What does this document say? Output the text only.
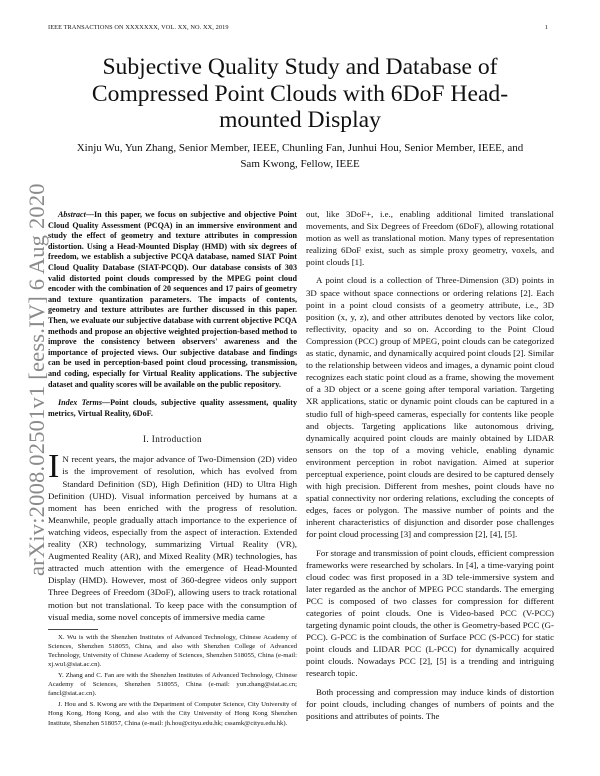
IEEE TRANSACTIONS ON XXXXXXX, VOL. XX, NO. XX, 2019	1
arXiv:2008.02501v1 [eess.IV] 6 Aug 2020
Subjective Quality Study and Database of Compressed Point Clouds with 6DoF Head-mounted Display
Xinju Wu, Yun Zhang, Senior Member, IEEE, Chunling Fan, Junhui Hou, Senior Member, IEEE, and Sam Kwong, Fellow, IEEE

Abstract—In this paper, we focus on subjective and objective Point Cloud Quality Assessment (PCQA) in an immersive environment and study the effect of geometry and texture attributes in compression distortion. Using a Head-Mounted Display (HMD) with six degrees of freedom, we establish a subjective PCQA database, named SIAT Point Cloud Quality Database (SIAT-PCQD). Our database consists of 303 valid distorted point clouds compressed by the MPEG point cloud encoder with the combination of 20 sequences and 17 pairs of geometry and texture quantization parameters. The impacts of contents, geometry and texture attributes are further discussed in this paper. Then, we evaluate our subjective database with current objective PCQA methods and propose an objective weighted projection-based method to improve the consistency between observers' awareness and the importance of projected views. Our subjective database and findings can be used in perception-based point cloud processing, transmission, and coding, especially for Virtual Reality applications. The subjective dataset and quality scores will be available on the public repository.

Index Terms—Point clouds, subjective quality assessment, quality metrics, Virtual Reality, 6DoF.

I. Introduction

I N recent years, the major advance of Two-Dimension (2D) video is the improvement of resolution, which has evolved from Standard Definition (SD), High Definition (HD) to Ultra High Definition (UHD). Visual information perceived by humans at a moment has been enriched with the progress of resolution. Meanwhile, people gradually attach importance to the experience of watching videos, especially from the aspect of interaction. Extended reality (XR) technology, summarizing Virtual Reality (VR), Augmented Reality (AR), and Mixed Reality (MR) technologies, has attracted much attention with the emergence of Head-Mounted Display (HMD). However, most of 360-degree videos only support Three Degrees of Freedom (3DoF), allowing users to track rotational motion but not translational. To keep pace with the consumption of visual media, some novel concepts of immersive media came

X. Wu is with the Shenzhen Institutes of Advanced Technology, Chinese Academy of Sciences, Shenzhen 518055, China, and also with Shenzhen College of Advanced Technology, University of Chinese Academy of Sciences, Shenzhen 518055, China (e-mail: xj.wu1@siat.ac.cn).

Y. Zhang and C. Fan are with the Shenzhen Institutes of Advanced Technology, Chinese Academy of Sciences, Shenzhen 518055, China (e-mail: yun.zhang@siat.ac.cn; fancl@siat.ac.cn).

J. Hou and S. Kwong are with the Department of Computer Science, City University of Hong Kong, Hong Kong, and also with the City University of Hong Kong Shenzhen Institute, Shenzhen 518057, China (e-mail: jh.hou@cityu.edu.hk; cssamk@cityu.edu.hk).

out, like 3DoF+, i.e., enabling additional limited translational movements, and Six Degrees of Freedom (6DoF), allowing rotational motion as well as translational motion. Many types of representation realizing 6DoF exist, such as simple proxy geometry, voxels, and point clouds [1].

A point cloud is a collection of Three-Dimension (3D) points in 3D space without space connections or ordering relations [2]. Each point in a point cloud consists of a geometry attribute, i.e., 3D position (x, y, z), and other attributes denoted by vectors like color, reflectivity, opacity and so on. According to the Point Cloud Compression (PCC) group of MPEG, point clouds can be categorized as static, dynamic, and dynamically acquired point clouds [2]. Similar to the relationship between videos and images, a dynamic point cloud recognizes each static point cloud as a frame, showing the movement of a 3D object or a scene going after temporal variation. Targeting XR applications, static or dynamic point clouds can be captured in a studio full of high-speed cameras, especially for contents like people and objects. Targeting applications like autonomous driving, dynamically acquired point clouds are mainly obtained by LIDAR sensors on the top of a moving vehicle, enabling dynamic environment perception in robot navigation. Aimed at superior perceptual experience, point clouds are desired to be captured densely with high precision. Different from meshes, point clouds have no spatial connectivity nor ordering relations, excluding the concepts of edges, faces or polygon. The massive number of points and the inherent characteristics of disjunction and disorder pose challenges for point cloud processing [3] and compression [2], [4], [5].

For storage and transmission of point clouds, efficient compression frameworks were researched by scholars. In [4], a time-varying point cloud codec was first proposed in a 3D tele-immersive system and later regarded as the anchor of MPEG PCC standards. The emerging PCC is composed of two classes for compression for different categories of point clouds. One is Video-based PCC (V-PCC) targeting dynamic point clouds, the other is Geometry-based PCC (G-PCC). G-PCC is the combination of Surface PCC (S-PCC) for static point clouds and LIDAR PCC (L-PCC) for dynamically acquired point clouds. Nowadays PCC [2], [5] is a trending and intriguing research topic.

Both processing and compression may induce kinds of distortion for point clouds, including changes of numbers of points and the positions and attributes of points. The
